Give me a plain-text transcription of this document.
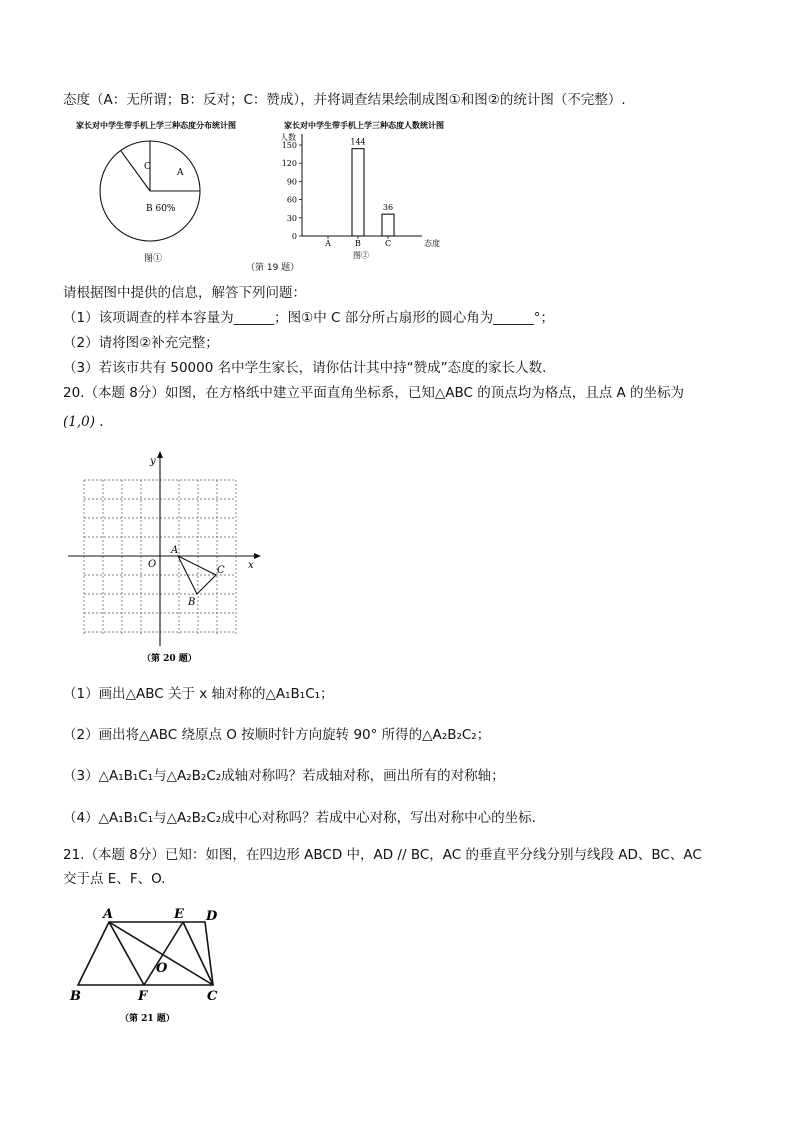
态度（A：无所谓；B：反对；C：赞成），并将调查结果绘制成图①和图②的统计图（不完整）.
家长对中学生带手机上学三种态度分布统计图
A
B 60%
C
图①
家长对中学生带手机上学三种态度人数统计图
人数
态度
0
30
60
90
120
150
A	B
144
C
36
图②
（第 19 题）
请根据图中提供的信息，解答下列问题：
（1）该项调查的样本容量为______；图①中 C 部分所占扇形的圆心角为______°；
（2）请将图②补充完整；
（3）若该市共有 50000 名中学生家长，请你估计其中持“赞成”态度的家长人数.
20.（本题 8分）如图，在方格纸中建立平面直角坐标系，已知△ABC 的顶点均为格点，且点 A 的坐标为
(1,0) .
x
y
O
A
B
C
（第 20 题）
（1）画出△ABC 关于 x 轴对称的△A₁B₁C₁；
（2）画出将△ABC 绕原点 O 按顺时针方向旋转 90° 所得的△A₂B₂C₂；
（3）△A₁B₁C₁与△A₂B₂C₂成轴对称吗？若成轴对称，画出所有的对称轴；
（4）△A₁B₁C₁与△A₂B₂C₂成中心对称吗？若成中心对称，写出对称中心的坐标.
21.（本题 8分）已知：如图，在四边形 ABCD 中，AD // BC，AC 的垂直平分线分别与线段 AD、BC、AC
交于点 E、F、O.
A	E D
B	F	C
O
（第 21 题）
